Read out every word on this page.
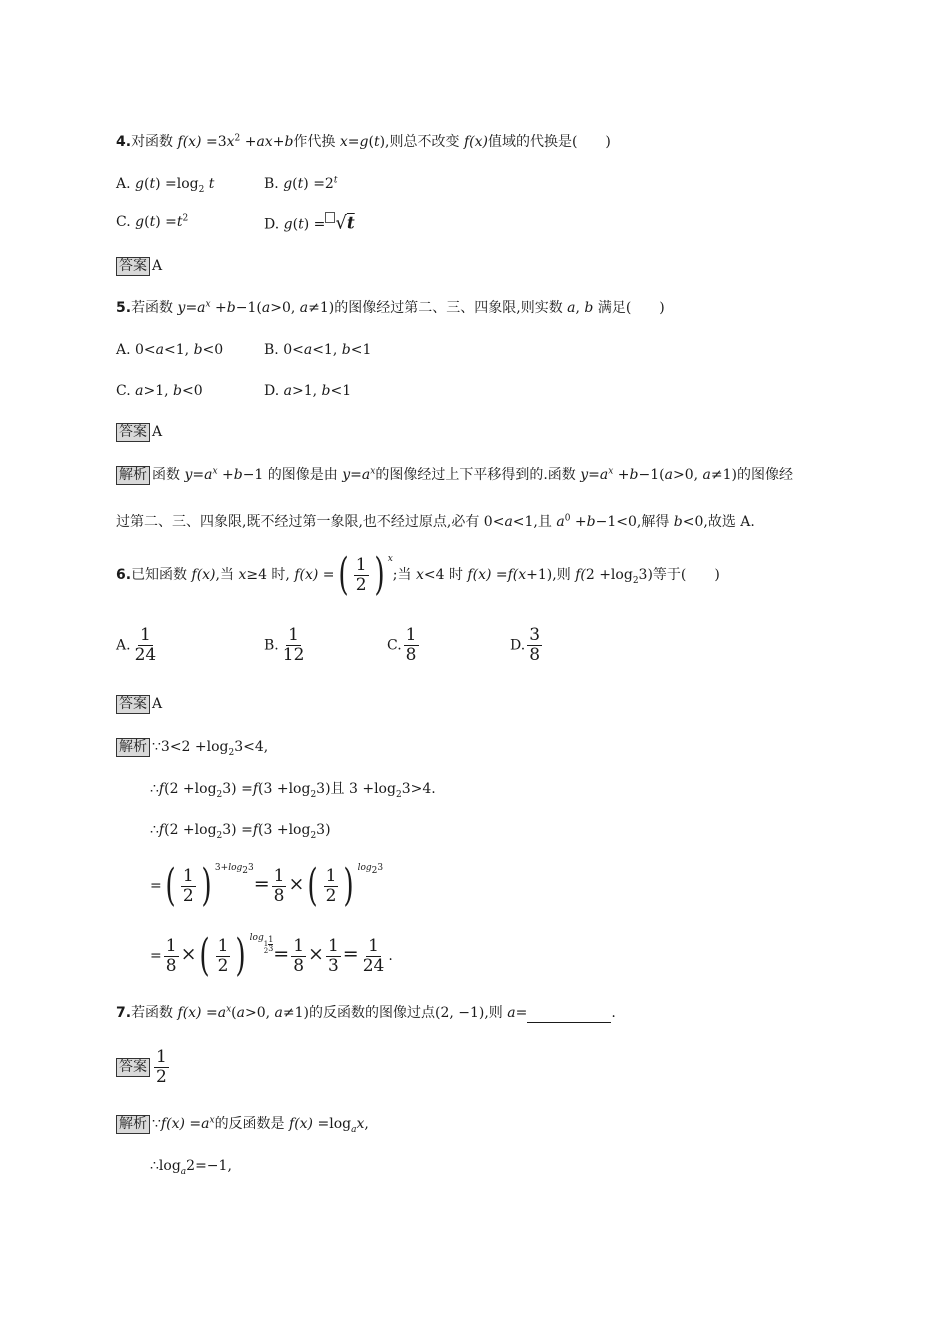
4.对函数 $f(x) =3x^2 +ax+b$作代换 x=g(t),则总不改变 f(x)值域的代换是(　　)
A. $g(t) =\log_2$ t	B. $g(t) =2^t$
C. $g(t) =t^2$	D. g(t) = √t
答案 A
5.若函数 $y=a^x +b-1(a>0$, a≠1)的图像经过第二、三、四象限,则实数 a, b 满足(　　)
A. 0<a<1, b<0	B. 0<a<1, b<1
C. a>1, b<0	D. a>1, b<1
答案 A
解析 函数 $y=a^x +b-1$ 的图像是由 $y=a^x$的图像经过上下平移得到的.函数 $y=a^x +b-1(a>0$, a≠1)的图像经
过第二、三、四象限,既不经过第一象限,也不经过原点,必有 0<a<1,且 $a^0 +b-1<0$,解得 b<0,故选 A.
6.已知函数 f(x),当 x≥4 时, f(x) = ( $\frac{1}{2}$ ) $^x$;当 x<4 时 f(x) =f(x+1),则 $f(2 +\log_23)$等于(　　)
A. $\frac{1}{24}$	B. $\frac{1}{12}$	C. $\frac{1}{8}$	D. $\frac{3}{8}$
答案 A
解析 ∵3<2 $+\log_23<4$,
∴f(2 $+\log_23) =f(3 +\log_23)$且 $3 +\log_23>4$.
∴f(2 $+\log_23) =f(3 +\log_23)$
= ( $\frac{1}{2}$ ) $^{3+log_23}= \frac{1}{8}$ × ( $\frac{1}{2}$ ) $^{log_23}$
= $\frac{1}{8}$ × ( $\frac{1}{2}$ ) $^{log 1 2 \frac{1}{3}} = \frac{1}{8} \times \frac{1}{3} = \frac{1}{24}$ .
7.若函数 $f(x) =a^x(a>0$, a≠1)的反函数的图像过点(2, −1),则 a=	.
答案 $\frac{1}{2}$
解析 ∵f(x) $=a^x$的反函数是 $f(x) =\log_ax$,
$\therefore\log_a2=-1$,
